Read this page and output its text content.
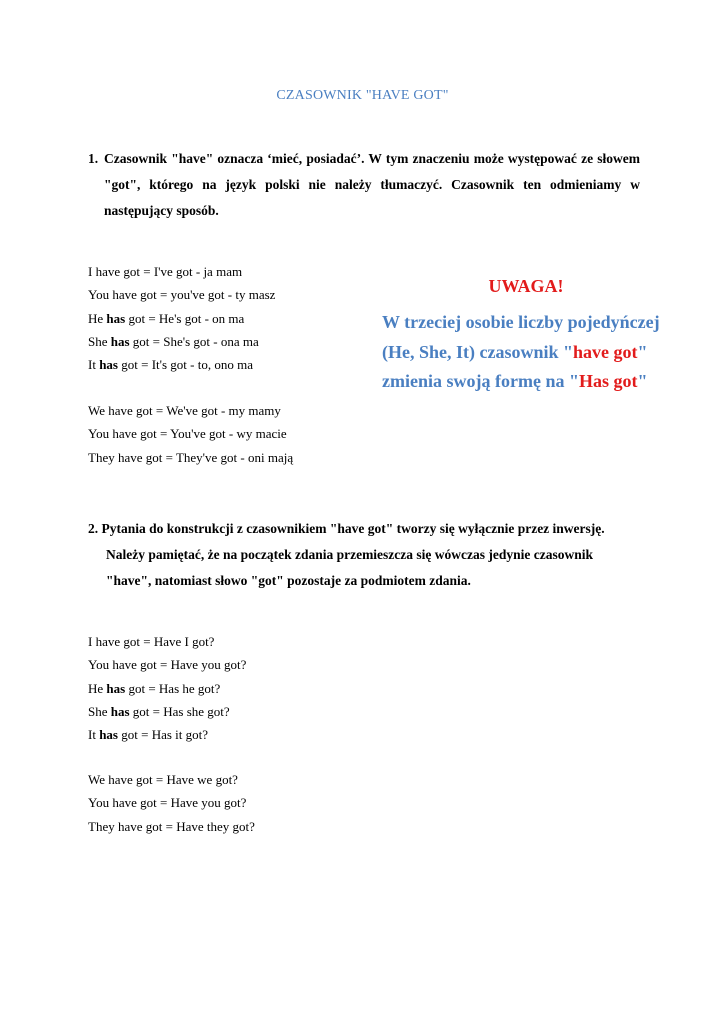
CZASOWNIK "HAVE GOT"
1. Czasownik "have" oznacza ‘mieć, posiadać’. W tym znaczeniu może występować ze słowem

"got", którego na język polski nie należy tłumaczyć. Czasownik ten odmieniamy w

następujący sposób.

I have got = I've got - ja mam
You have got = you've got - ty masz
He has got = He's got - on ma
She has got = She's got - ona ma
It has got = It's got - to, ono ma
We have got = We've got - my mamy
You have got = You've got - wy macie
They have got = They've got - oni mają
UWAGA!
W trzeciej osobie liczby pojedyńczej
(He, She, It) czasownik "have got"
zmienia swoją formę na "Has got"
2. Pytania do konstrukcji z czasownikiem "have got" tworzy się wyłącznie przez inwersję.
Należy pamiętać, że na początek zdania przemieszcza się wówczas jedynie czasownik
"have", natomiast słowo "got" pozostaje za podmiotem zdania.
I have got = Have I got?
You have got = Have you got?
He has got = Has he got?
She has got = Has she got?
It has got = Has it got?
We have got = Have we got?
You have got = Have you got?
They have got = Have they got?
